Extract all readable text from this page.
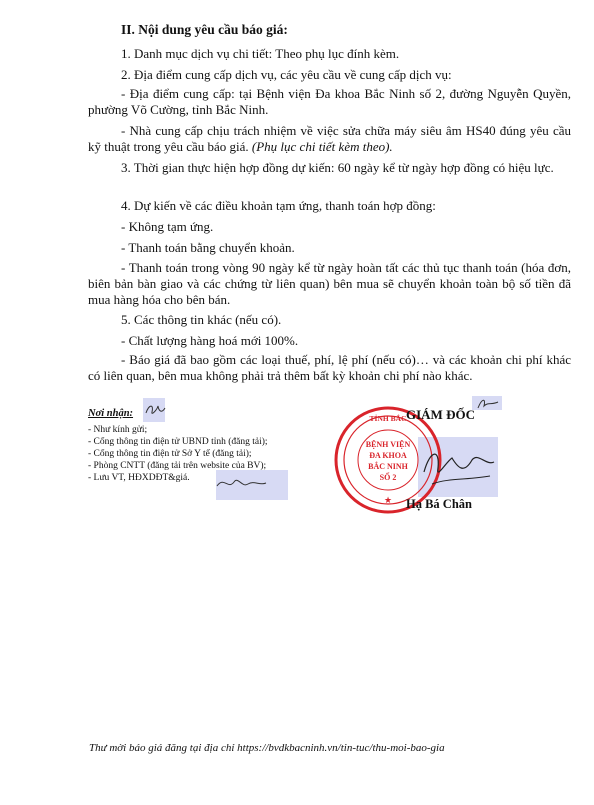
II. Nội dung yêu cầu báo giá:
1. Danh mục dịch vụ chi tiết: Theo phụ lục đính kèm.
2. Địa điểm cung cấp dịch vụ, các yêu cầu về cung cấp dịch vụ:
- Địa điểm cung cấp: tại Bệnh viện Đa khoa Bắc Ninh số 2, đường Nguyễn Quyền, phường Võ Cường, tỉnh Bắc Ninh.
- Nhà cung cấp chịu trách nhiệm về việc sửa chữa máy siêu âm HS40 đúng yêu cầu kỹ thuật trong yêu cầu báo giá. (Phụ lục chi tiết kèm theo).
3. Thời gian thực hiện hợp đồng dự kiến: 60 ngày kể từ ngày hợp đồng có hiệu lực.
4. Dự kiến về các điều khoản tạm ứng, thanh toán hợp đồng:
- Không tạm ứng.
- Thanh toán bằng chuyển khoản.
- Thanh toán trong vòng 90 ngày kể từ ngày hoàn tất các thủ tục thanh toán (hóa đơn, biên bản bàn giao và các chứng từ liên quan) bên mua sẽ chuyển khoản toàn bộ số tiền đã mua hàng hóa cho bên bán.
5. Các thông tin khác (nếu có).
- Chất lượng hàng hoá mới 100%.
- Báo giá đã bao gồm các loại thuế, phí, lệ phí (nếu có)… và các khoản chi phí khác có liên quan, bên mua không phải trả thêm bất kỳ khoản chi phí nào khác.
Nơi nhận:
- Như kính gửi;
- Cổng thông tin điện tử UBND tỉnh (đăng tải);
- Cổng thông tin điện tử Sở Y tế (đăng tải);
- Phòng CNTT (đăng tải trên website của BV);
- Lưu VT, HĐXDĐT&giá.
TỈNH BẮC
BỆNH VIỆN
ĐA KHOA
BẮC NINH
SỐ 2
★
GIÁM ĐỐC
Hạ Bá Chân
Thư mời báo giá đăng tại địa chỉ https://bvdkbacninh.vn/tin-tuc/thu-moi-bao-gia
